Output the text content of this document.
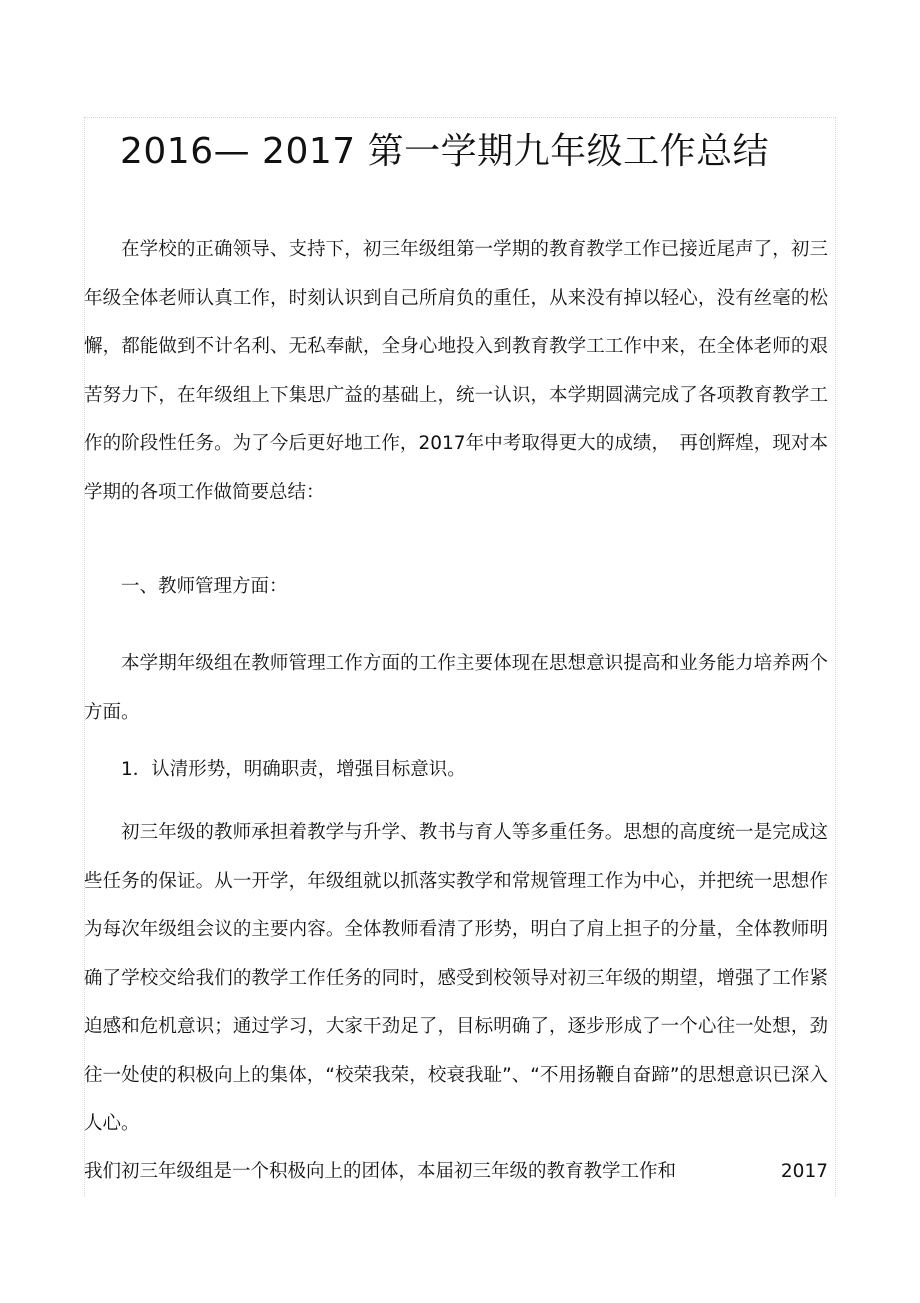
2016— 2017 第一学期九年级工作总结

在学校的正确领导、支持下，初三年级组第一学期的教育教学工作已接近尾声了，初三年级全体老师认真工作，时刻认识到自己所肩负的重任，从来没有掉以轻心，没有丝毫的松懈，都能做到不计名利、无私奉献，全身心地投入到教育教学工工作中来，在全体老师的艰苦努力下，在年级组上下集思广益的基础上，统一认识，本学期圆满完成了各项教育教学工作的阶段性任务。为了今后更好地工作，2017年中考取得更大的成绩，　再创辉煌，现对本学期的各项工作做简要总结：

一、教师管理方面：

本学期年级组在教师管理工作方面的工作主要体现在思想意识提高和业务能力培养两个方面。

1．认清形势，明确职责，增强目标意识。

初三年级的教师承担着教学与升学、教书与育人等多重任务。思想的高度统一是完成这些任务的保证。从一开学，年级组就以抓落实教学和常规管理工作为中心，并把统一思想作为每次年级组会议的主要内容。全体教师看清了形势，明白了肩上担子的分量，全体教师明确了学校交给我们的教学工作任务的同时，感受到校领导对初三年级的期望，增强了工作紧迫感和危机意识；通过学习，大家干劲足了，目标明确了，逐步形成了一个心往一处想，劲往一处使的积极向上的集体，“校荣我荣，校衰我耻”、“不用扬鞭自奋蹄”的思想意识已深入人心。

我们初三年级组是一个积极向上的团体，本届初三年级的教育教学工作和	2017
